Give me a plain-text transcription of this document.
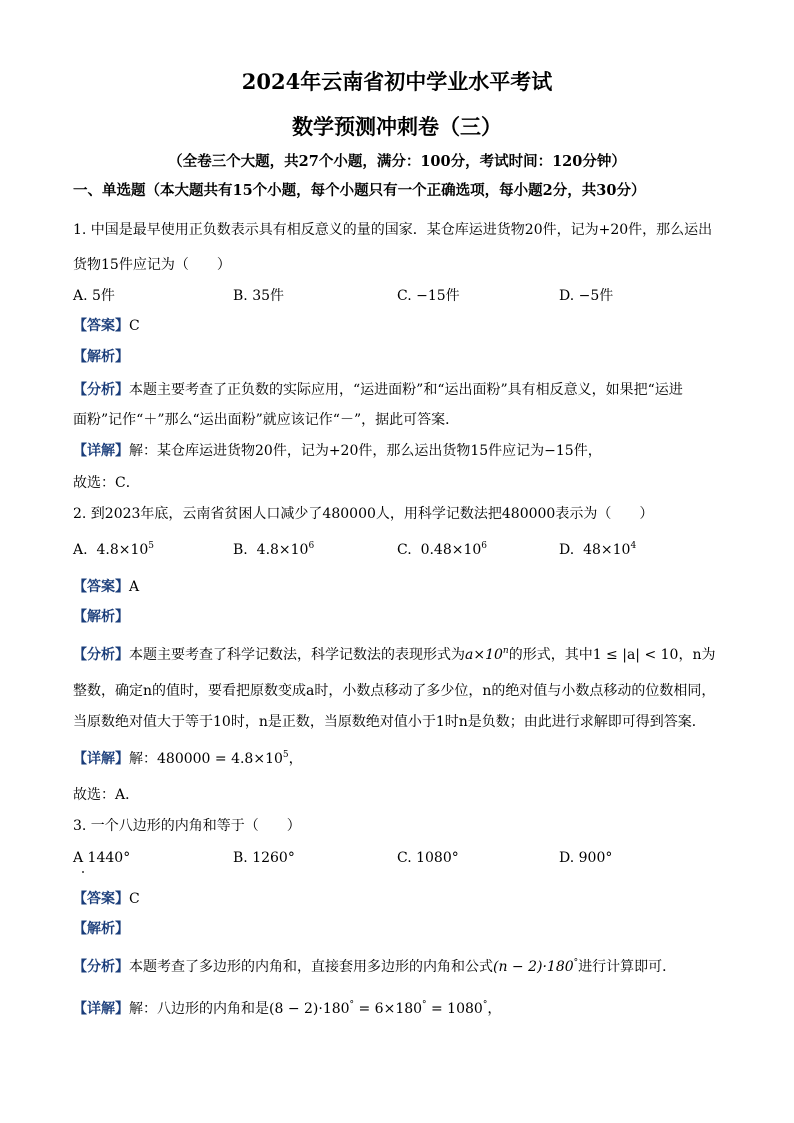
2024年云南省初中学业水平考试
数学预测冲刺卷（三）
（全卷三个大题，共27个小题，满分：100分，考试时间：120分钟）
一、单选题（本大题共有15个小题，每个小题只有一个正确选项，每小题2分，共30分）
1. 中国是最早使用正负数表示具有相反意义的量的国家．某仓库运进货物20件，记为+20件，那么运出
货物15件应记为（　　）
A. 5件	B. 35件	C. −15件	D. −5件
【答案】C
【解析】
【分析】本题主要考查了正负数的实际应用，“运进面粉”和“运出面粉”具有相反意义，如果把“运进
面粉”记作“＋”那么“运出面粉”就应该记作“－”，据此可答案．
【详解】解：某仓库运进货物20件，记为+20件，那么运出货物15件应记为−15件，
故选：C．
2. 到2023年底，云南省贫困人口减少了480000人，用科学记数法把480000表示为（　　）
A. $4.8\times 10^5$	B. $4.8\times 10^6$	C. $0.48\times 10^6$	D. $48\times 10^4$
【答案】A
【解析】
【分析】本题主要考查了科学记数法，科学记数法的表现形式为$a\times 10^n$的形式，其中1 ≤ |a| < 10，n为
整数，确定n的值时，要看把原数变成a时，小数点移动了多少位，n的绝对值与小数点移动的位数相同，
当原数绝对值大于等于10时，n是正数，当原数绝对值小于1时n是负数；由此进行求解即可得到答案．
【详解】解：$480000 = 4.8\times 10^5$，
故选：A．
3. 一个八边形的内角和等于（　　）
A 1440°	B. 1260°	C. 1080°	D. 900°
【答案】C
【解析】
【分析】本题考查了多边形的内角和，直接套用多边形的内角和公式(n − 2)·180°进行计算即可．
【详解】解：八边形的内角和是(8 − 2)·180° = 6×180° = 1080°，
